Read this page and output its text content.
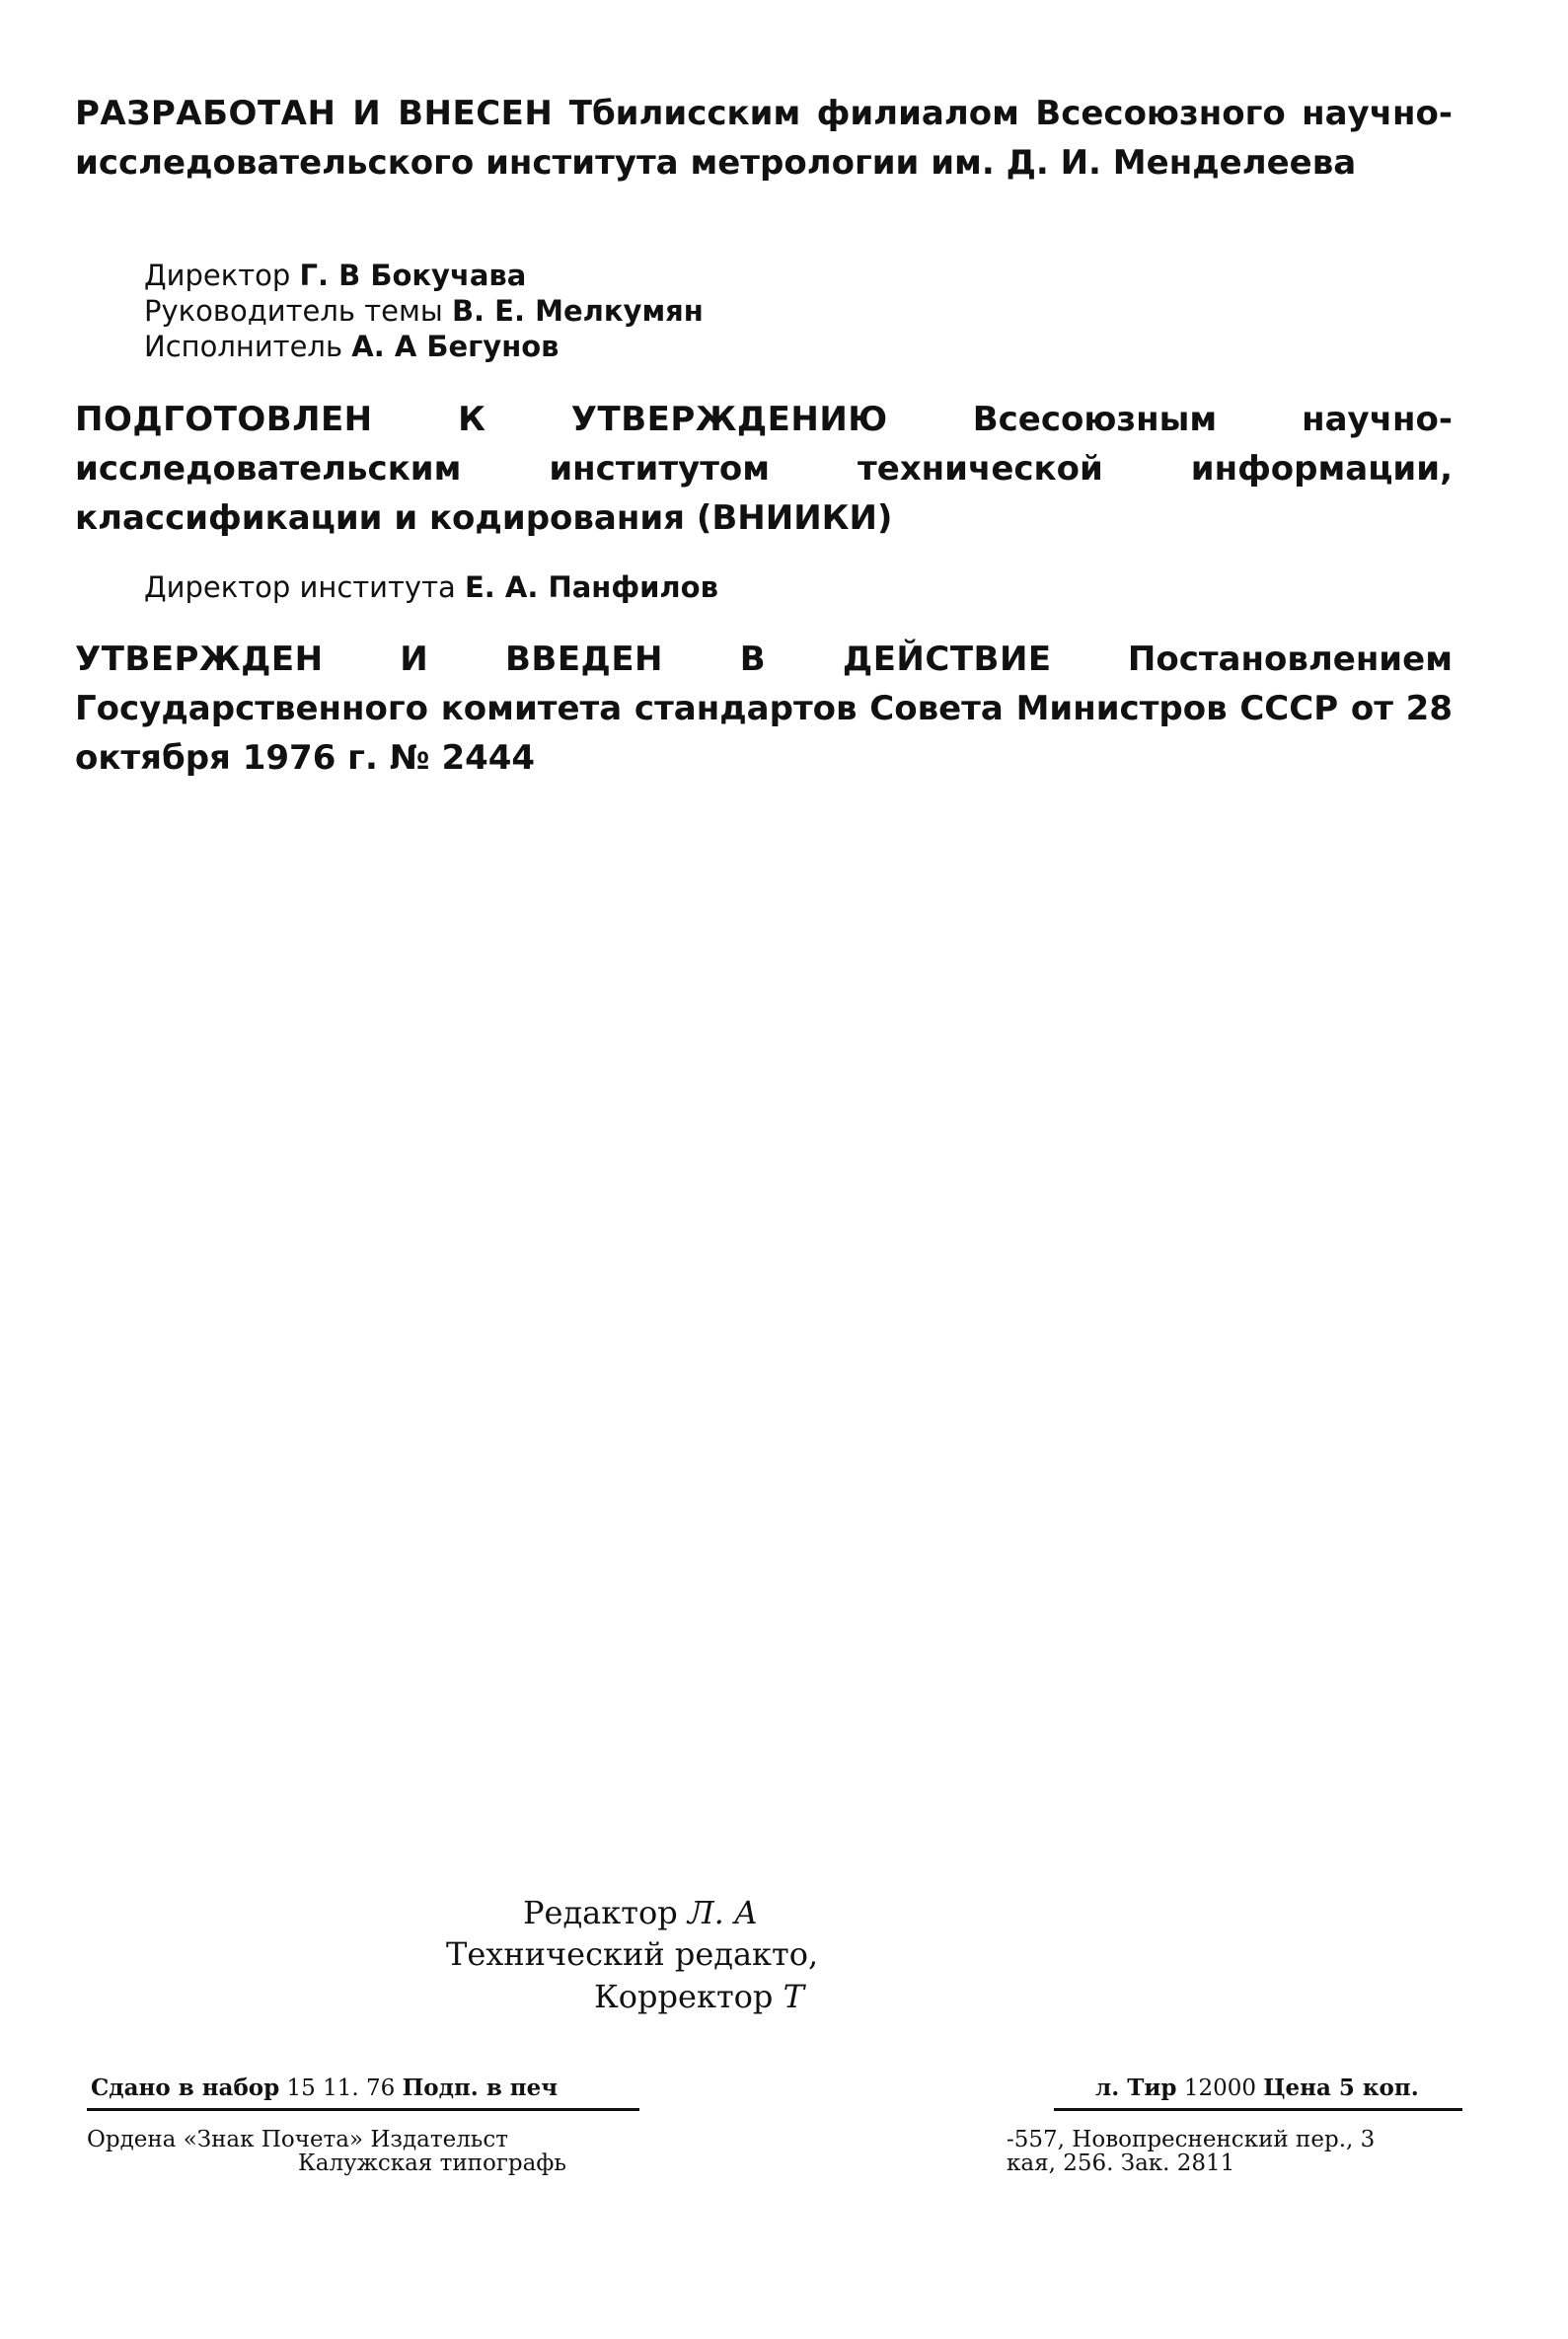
РАЗРАБОТАН И ВНЕСЕН Тбилисским филиалом Всесоюзного научно-исследовательского института метрологии им. Д. И. Менделеева

Директор Г. В Бокучава

Руководитель темы В. Е. Мелкумян

Исполнитель А. А Бегунов

ПОДГОТОВЛЕН К УТВЕРЖДЕНИЮ	Всесоюзным научно-исследовательским институтом технической информации, классификации и кодирования (ВНИИКИ)

Директор института Е. А. Панфилов

УТВЕРЖДЕН И ВВЕДЕН В ДЕЙСТВИЕ Постановлением Государственного комитета стандартов Совета Министров СССР от 28 октября 1976 г. № 2444

Редактор Л. А

Технический редакто,

Корректор Т

Сдано в набор 15 11. 76 Подп. в печ	л. Тир 12000 Цена 5 коп.

Ордена «Знак Почета» Издательст

Калужская типографь

-557, Новопресненский пер., 3

кая, 256. Зак. 2811
